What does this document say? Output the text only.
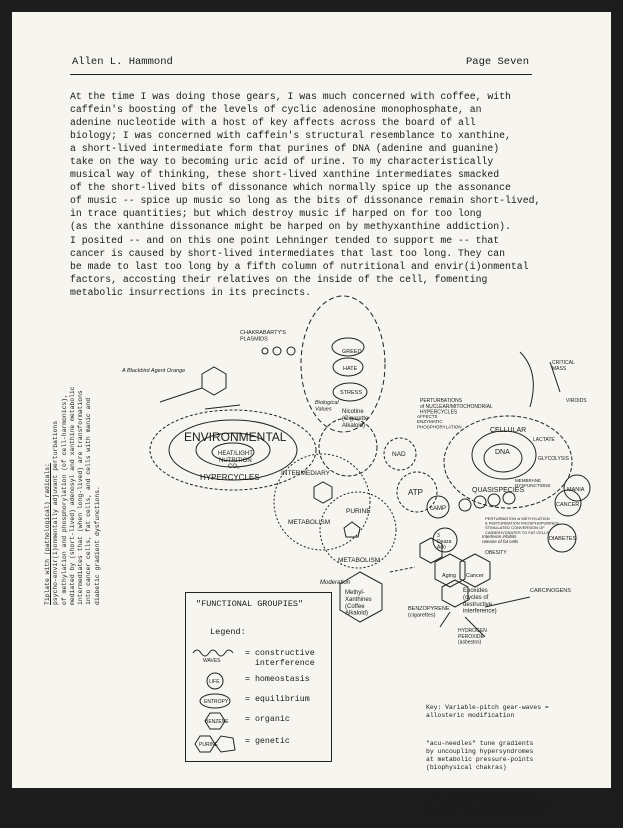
Allen L. Hammond	Page Seven

At the time I was doing those gears, I was much concerned with coffee, with
caffein's boosting of the levels of cyclic adenosine monophosphate, an
adenine nucleotide with a host of key affects across the board of all
biology; I was concerned with caffein's structural resemblance to xanthine,
a short-lived intermediate form that purines of DNA (adenine and guanine)
take on the way to becoming uric acid of urine. To my characteristically
musical way of thinking, these short-lived xanthine intermediates smacked
of the short-lived bits of dissonance which normally spice up the assonance
of music -- spice up music so long as the bits of dissonance remain short-lived,
in trace quantities; but which destroy music if harped on for too long
(as the xanthine dissonance might be harped on by methyxanthine addiction).

I posited -- and on this one point Lehninger tended to support me -- that
cancer is caused by short-lived intermediates that last too long. They can
be made to last too long by a fifth column of nutritional and envir(i)onmental
factors, accosting their relatives on the inside of the cell, fomenting
metabolic insurrections in its precincts.

Tiplate with (pathological) radicals:
psycho-envir(i)onmentally adjuvant perturbations
of methylation and phosphorylation (of cell-harmonics),
mediated by (short-lived) adenosyl and xanthine metabolic
intermediates that (when long-lived) are transformations
into cancer cells, fat cells, and cells with manic and
diabetic gradient dysfunctions.
ENVIRONMENTAL
HEAT/LIGHT
NUTRITION
CO₂
HYPERCYCLES	INTERMEDIARY
METABOLISM
PURINE
METABOLISM
NAD
ATP
cAMP
DNA
CELLULAR
QUASISPECIES
CANCER
MANIA
DIABETES
GLYCOLYSIS
LACTATE
VIROIDS
Aging Cancer
Nicotine (Cigarette Alkaloid)
GREED
HATE
STRESS
Biological Values
CHAKRABARTY'S PLASMIDS
A Blackbird Agent Orange
Moderation
PERTURBATIONS of NUCLEAR/MITOCHONDRIAL HYPERCYCLES
AFFECTS ENZYMATIC PHOSPHORYLATION
PERTURBATION of METHYLATION & PERTURBATION PHOSPHOPURINES STIMULATED CONVERSION OF CARBOHYDRATES TO FAT CELLS
Interferon inhibits release of fat cells
MEMBRANE DYSFUNCTIONS
3 Deaza Ado
Methyl-Xanthines (Coffee Alkaloid)
Epoxides (cycles of destructive interference)
BENZOPYRENE (cigarettes)
HYDROGEN PEROXIDE (asbestos)
CARCINOGENS
CRITICAL MASS
OBESITY
"FUNCTIONAL GROUPIES"
Legend:
WAVES
= constructive
interference
LIFE	= homeostasis
ENTROPY = equilibrium
BENZENE = organic
PURINE	= genetic

Key: Variable-pitch gear-waves =
allosteric modification

"acu-needles" tune gradients
by uncoupling hypersyndromes
at metabolic pressure-points
(biophysical chakras)

note twice-occurring proximity
of interferon & 3-deazaadenosine,
and other harmonic periodicities
